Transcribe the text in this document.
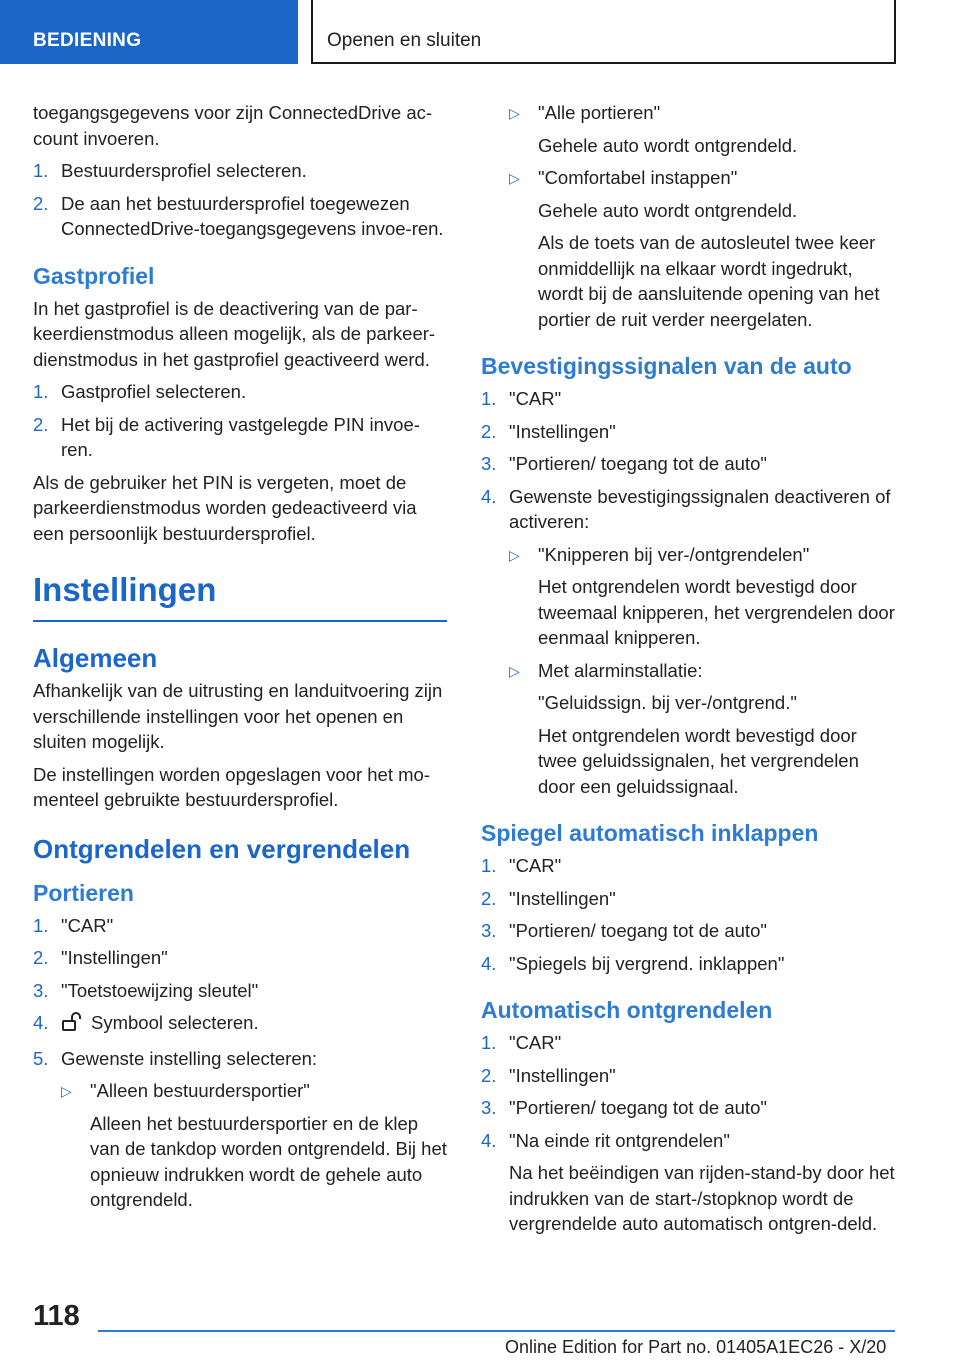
BEDIENING	Openen en sluiten

toegangsgegevens voor zijn ConnectedDrive ac-count invoeren.

1. Bestuurdersprofiel selecteren.
2. De aan het bestuurdersprofiel toegewezen ConnectedDrive-toegangsgegevens invoe-ren.
Gastprofiel

In het gastprofiel is de deactivering van de par-keerdienstmodus alleen mogelijk, als de parkeer-dienstmodus in het gastprofiel geactiveerd werd.

1. Gastprofiel selecteren.
2. Het bij de activering vastgelegde PIN invoe-ren.

Als de gebruiker het PIN is vergeten, moet de parkeerdienstmodus worden gedeactiveerd via een persoonlijk bestuurdersprofiel.

Instellingen
Algemeen

Afhankelijk van de uitrusting en landuitvoering zijn verschillende instellingen voor het openen en sluiten mogelijk.

De instellingen worden opgeslagen voor het mo-menteel gebruikte bestuurdersprofiel.

Ontgrendelen en vergrendelen
Portieren
1. "CAR"
2. "Instellingen"
3. "Toetstoewijzing sleutel"
4. Symbool selecteren.
5. Gewenste instelling selecteren:
▷ "Alleen bestuurdersportier"
Alleen het bestuurdersportier en de klep van de tankdop worden ontgrendeld. Bij het opnieuw indrukken wordt de gehele auto ontgrendeld.
▷ "Alle portieren"
Gehele auto wordt ontgrendeld.
▷ "Comfortabel instappen"
Gehele auto wordt ontgrendeld.
Als de toets van de autosleutel twee keer onmiddellijk na elkaar wordt ingedrukt, wordt bij de aansluitende opening van het portier de ruit verder neergelaten.
Bevestigingssignalen van de auto
1. "CAR"
2. "Instellingen"
3. "Portieren/ toegang tot de auto"
4. Gewenste bevestigingssignalen deactiveren of activeren:
▷ "Knipperen bij ver-/ontgrendelen"
Het ontgrendelen wordt bevestigd door tweemaal knipperen, het vergrendelen door eenmaal knipperen.
▷ Met alarminstallatie:
"Geluidssign. bij ver-/ontgrend."
Het ontgrendelen wordt bevestigd door twee geluidssignalen, het vergrendelen door een geluidssignaal.
Spiegel automatisch inklappen
1. "CAR"
2. "Instellingen"
3. "Portieren/ toegang tot de auto"
4. "Spiegels bij vergrend. inklappen"
Automatisch ontgrendelen
1. "CAR"
2. "Instellingen"
3. "Portieren/ toegang tot de auto"
4. "Na einde rit ontgrendelen"
Na het beëindigen van rijden-stand-by door het indrukken van de start-/stopknop wordt de vergrendelde auto automatisch ontgren-deld.
118
Online Edition for Part no. 01405A1EC26 - X/20
